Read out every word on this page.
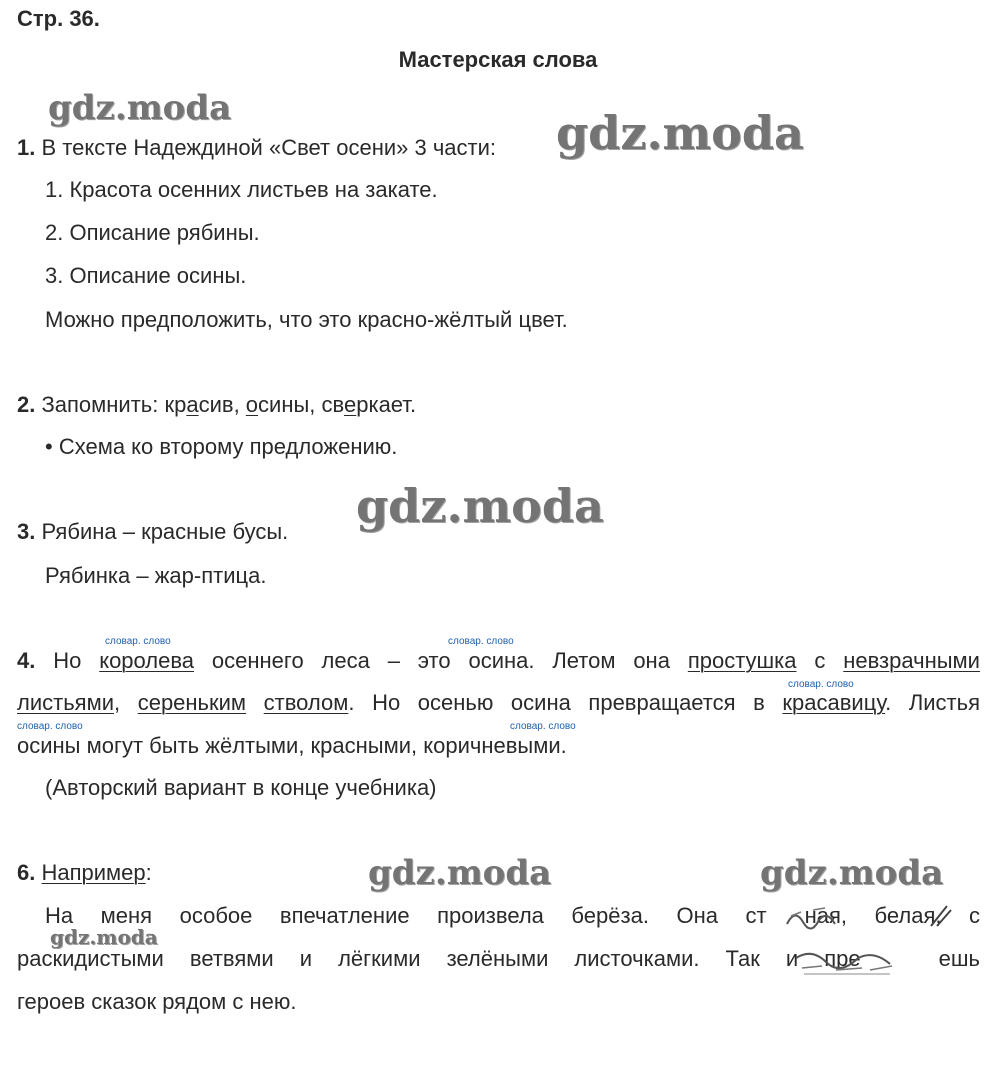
Стр. 36.
Мастерская слова
gdz.moda	gdz.moda
gdz.moda
gdz.moda	gdz.moda
gdz.moda
1. В тексте Надеждиной «Свет осени» 3 части:
1. Красота осенних листьев на закате.
2. Описание рябины.
3. Описание осины.
Можно предположить, что это красно-жёлтый цвет.
2. Запомнить: красив, осины, сверкает.
• Схема ко второму предложению.
3. Рябина – красные бусы.
Рябинка – жар-птица.
словар. слово	словар. слово
словар. слово
словар. слово	словар. слово
4. Но королева осеннего леса – это осина. Летом она простушка с невзрачными
листьями, сереньким стволом. Но осенью осина превращается в красавицу. Листья
осины могут быть жёлтыми, красными, коричневыми.
(Авторский вариант в конце учебника)
6. Например:
На меня особое впечатление произвела берёза. Она ст ная, белая, с
раскидистыми ветвями и лёгкими зелёными листочками. Так и пре	ешь
героев сказок рядом с нею.
